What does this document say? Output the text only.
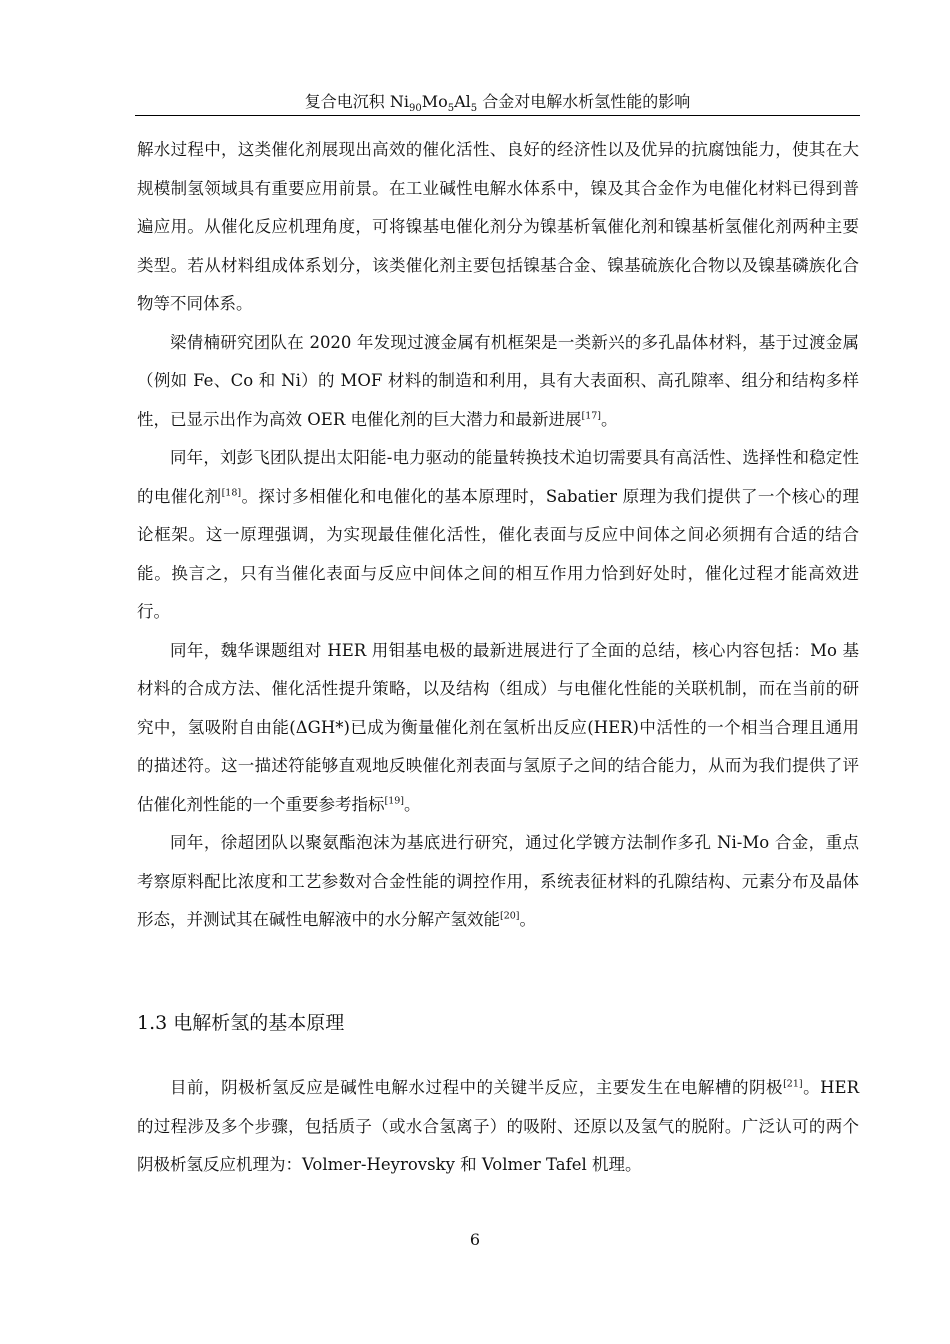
复合电沉积 $Ni_{90}Mo_5Al_5$ 合金对电解水析氢性能的影响

解水过程中，这类催化剂展现出高效的催化活性、良好的经济性以及优异的抗腐蚀能力，使其在大规模制氢领域具有重要应用前景。在工业碱性电解水体系中，镍及其合金作为电催化材料已得到普遍应用。从催化反应机理角度，可将镍基电催化剂分为镍基析氧催化剂和镍基析氢催化剂两种主要类型。若从材料组成体系划分，该类催化剂主要包括镍基合金、镍基硫族化合物以及镍基磷族化合物等不同体系。

梁倩楠研究团队在 2020 年发现过渡金属有机框架是一类新兴的多孔晶体材料，基于过渡金属（例如 Fe、Co 和 Ni）的 MOF 材料的制造和利用，具有大表面积、高孔隙率、组分和结构多样性，已显示出作为高效 OER 电催化剂的巨大潜力和最新进展[17]。

同年，刘彭飞团队提出太阳能-电力驱动的能量转换技术迫切需要具有高活性、选择性和稳定性的电催化剂[18]。探讨多相催化和电催化的基本原理时，Sabatier 原理为我们提供了一个核心的理论框架。这一原理强调，为实现最佳催化活性，催化表面与反应中间体之间必须拥有合适的结合能。换言之，只有当催化表面与反应中间体之间的相互作用力恰到好处时，催化过程才能高效进行。

同年，魏华课题组对 HER 用钼基电极的最新进展进行了全面的总结，核心内容包括：Mo 基材料的合成方法、催化活性提升策略，以及结构（组成）与电催化性能的关联机制，而在当前的研究中，氢吸附自由能(ΔGH*)已成为衡量催化剂在氢析出反应(HER)中活性的一个相当合理且通用的描述符。这一描述符能够直观地反映催化剂表面与氢原子之间的结合能力，从而为我们提供了评估催化剂性能的一个重要参考指标[19]。

同年，徐超团队以聚氨酯泡沫为基底进行研究，通过化学镀方法制作多孔 Ni-Mo 合金，重点考察原料配比浓度和工艺参数对合金性能的调控作用，系统表征材料的孔隙结构、元素分布及晶体形态，并测试其在碱性电解液中的水分解产氢效能[20]。

1.3 电解析氢的基本原理

目前，阴极析氢反应是碱性电解水过程中的关键半反应，主要发生在电解槽的阴极[21]。HER 的过程涉及多个步骤，包括质子（或水合氢离子）的吸附、还原以及氢气的脱附。广泛认可的两个阴极析氢反应机理为：Volmer-Heyrovsky 和 Volmer Tafel 机理。

6
